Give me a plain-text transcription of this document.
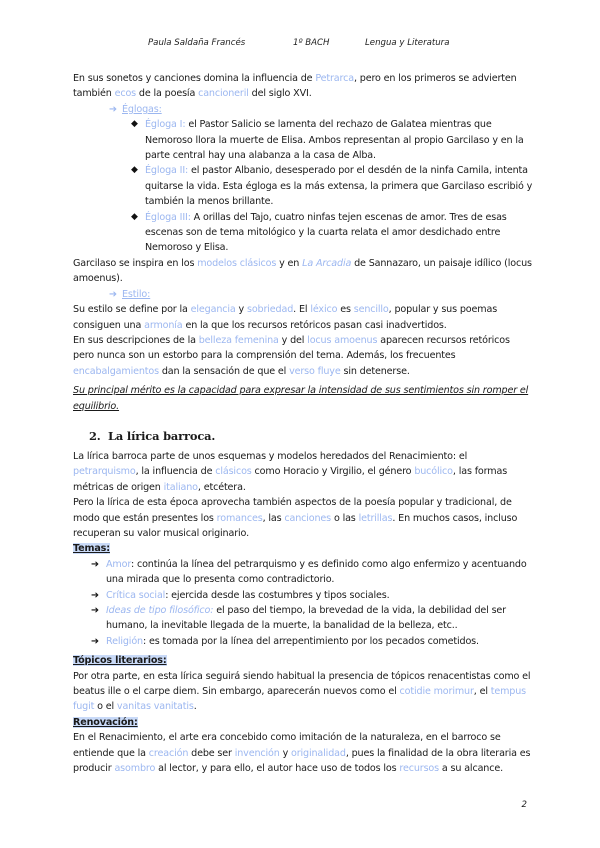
Paula Saldaña Francés	1º BACH	Lengua y Literatura

En sus sonetos y canciones domina la influencia de Petrarca, pero en los primeros se advierten también ecos de la poesía cancioneril del siglo XVI.

➔ Églogas:
◆ Égloga I: el Pastor Salicio se lamenta del rechazo de Galatea mientras que Nemoroso llora la muerte de Elisa. Ambos representan al propio Garcilaso y en la parte central hay una alabanza a la casa de Alba.
◆ Égloga II: el pastor Albanio, desesperado por el desdén de la ninfa Camila, intenta quitarse la vida. Esta égloga es la más extensa, la primera que Garcilaso escribió y también la menos brillante.
◆ Égloga III: A orillas del Tajo, cuatro ninfas tejen escenas de amor. Tres de esas escenas son de tema mitológico y la cuarta relata el amor desdichado entre Nemoroso y Elisa.

Garcilaso se inspira en los modelos clásicos y en La Arcadia de Sannazaro, un paisaje idílico (locus amoenus).

➔ Estilo:

Su estilo se define por la elegancia y sobriedad. El léxico es sencillo, popular y sus poemas consiguen una armonía en la que los recursos retóricos pasan casi inadvertidos.

En sus descripciones de la belleza femenina y del locus amoenus aparecen recursos retóricos pero nunca son un estorbo para la comprensión del tema. Además, los frecuentes encabalgamientos dan la sensación de que el verso fluye sin detenerse.

Su principal mérito es la capacidad para expresar la intensidad de sus sentimientos sin romper el equilibrio.

2. La lírica barroca.

La lírica barroca parte de unos esquemas y modelos heredados del Renacimiento: el petrarquismo, la influencia de clásicos como Horacio y Virgilio, el género bucólico, las formas métricas de origen italiano, etcétera.

Pero la lírica de esta época aprovecha también aspectos de la poesía popular y tradicional, de modo que están presentes los romances, las canciones o las letrillas. En muchos casos, incluso recuperan su valor musical originario.

Temas:
➔ Amor: continúa la línea del petrarquismo y es definido como algo enfermizo y acentuando una mirada que lo presenta como contradictorio.
➔ Crítica social: ejercida desde las costumbres y tipos sociales.
➔ Ideas de tipo filosófico: el paso del tiempo, la brevedad de la vida, la debilidad del ser humano, la inevitable llegada de la muerte, la banalidad de la belleza, etc..
➔ Religión: es tomada por la línea del arrepentimiento por los pecados cometidos.
Tópicos literarios:

Por otra parte, en esta lírica seguirá siendo habitual la presencia de tópicos renacentistas como el beatus ille o el carpe diem. Sin embargo, aparecerán nuevos como el cotidie morimur, el tempus fugit o el vanitas vanitatis.

Renovación:

En el Renacimiento, el arte era concebido como imitación de la naturaleza, en el barroco se entiende que la creación debe ser invención y originalidad, pues la finalidad de la obra literaria es producir asombro al lector, y para ello, el autor hace uso de todos los recursos a su alcance.

2
